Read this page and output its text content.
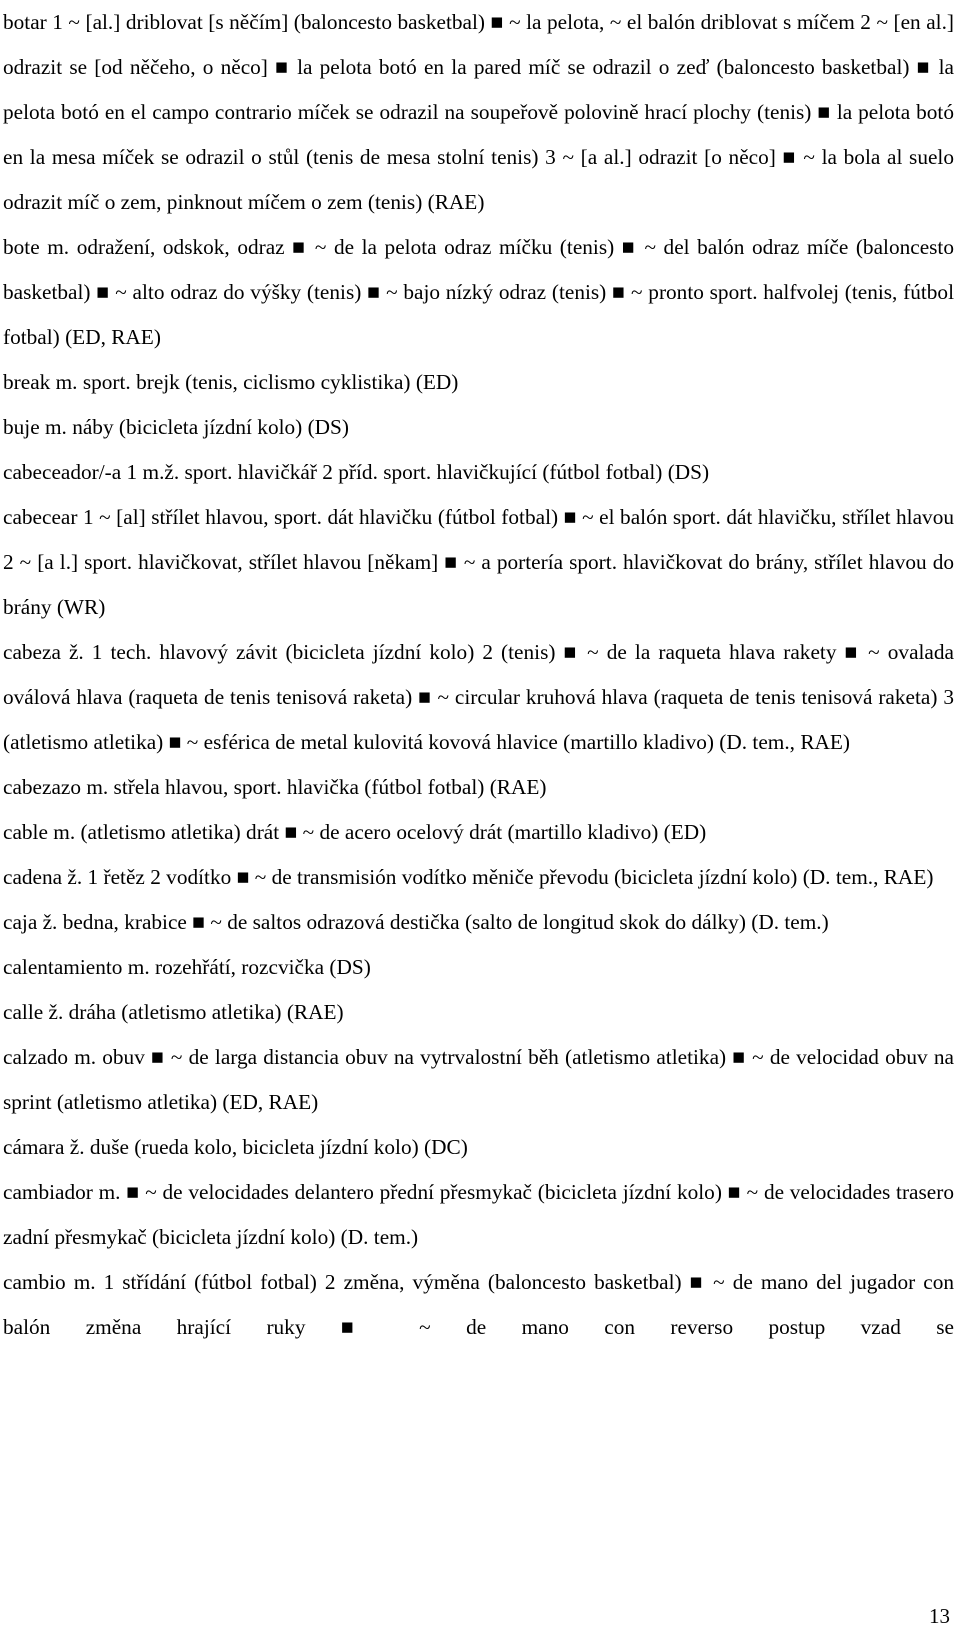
botar 1 ~ [al.] driblovat [s něčím] (baloncesto basketbal) ■ ~ la pelota, ~ el balón driblovat s míčem 2 ~ [en al.] odrazit se [od něčeho, o něco] ■ la pelota botó en la pared míč se odrazil o zeď (baloncesto basketbal) ■ la pelota botó en el campo contrario míček se odrazil na soupeřově polovině hrací plochy (tenis) ■ la pelota botó en la mesa míček se odrazil o stůl (tenis de mesa stolní tenis) 3 ~ [a al.] odrazit [o něco] ■ ~ la bola al suelo odrazit míč o zem, pinknout míčem o zem (tenis) (RAE)

bote m. odražení, odskok, odraz ■ ~ de la pelota odraz míčku (tenis) ■ ~ del balón odraz míče (baloncesto basketbal) ■ ~ alto odraz do výšky (tenis) ■ ~ bajo nízký odraz (tenis) ■ ~ pronto sport. halfvolej (tenis, fútbol fotbal) (ED, RAE)

break m. sport. brejk (tenis, ciclismo cyklistika) (ED)

buje m. náby (bicicleta jízdní kolo) (DS)

cabeceador/-a 1 m.ž. sport. hlavičkář 2 příd. sport. hlavičkující (fútbol fotbal) (DS)

cabecear 1 ~ [al] střílet hlavou, sport. dát hlavičku (fútbol fotbal) ■ ~ el balón sport. dát hlavičku, střílet hlavou 2 ~ [a l.] sport. hlavičkovat, střílet hlavou [někam] ■ ~ a portería sport. hlavičkovat do brány, střílet hlavou do brány (WR)

cabeza ž. 1 tech. hlavový závit (bicicleta jízdní kolo) 2 (tenis) ■ ~ de la raqueta hlava rakety ■ ~ ovalada oválová hlava (raqueta de tenis tenisová raketa) ■ ~ circular kruhová hlava (raqueta de tenis tenisová raketa) 3 (atletismo atletika) ■ ~ esférica de metal kulovitá kovová hlavice (martillo kladivo) (D. tem., RAE)

cabezazo m. střela hlavou, sport. hlavička (fútbol fotbal) (RAE)

cable m. (atletismo atletika) drát ■ ~ de acero ocelový drát (martillo kladivo) (ED)

cadena ž. 1 řetěz 2 vodítko ■ ~ de transmisión vodítko měniče převodu (bicicleta jízdní kolo) (D. tem., RAE)

caja ž. bedna, krabice ■ ~ de saltos odrazová destička (salto de longitud skok do dálky) (D. tem.)

calentamiento m. rozehřátí, rozcvička (DS)

calle ž. dráha (atletismo atletika) (RAE)

calzado m. obuv ■ ~ de larga distancia obuv na vytrvalostní běh (atletismo atletika) ■ ~ de velocidad obuv na sprint (atletismo atletika) (ED, RAE)

cámara ž. duše (rueda kolo, bicicleta jízdní kolo) (DC)

cambiador m. ■ ~ de velocidades delantero přední přesmykač (bicicleta jízdní kolo) ■ ~ de velocidades trasero zadní přesmykač (bicicleta jízdní kolo) (D. tem.)

cambio m. 1 střídání (fútbol fotbal) 2 změna, výměna (baloncesto basketbal) ■ ~ de mano del jugador con balón změna hrající ruky ■ ~ de mano con reverso postup vzad se

13
